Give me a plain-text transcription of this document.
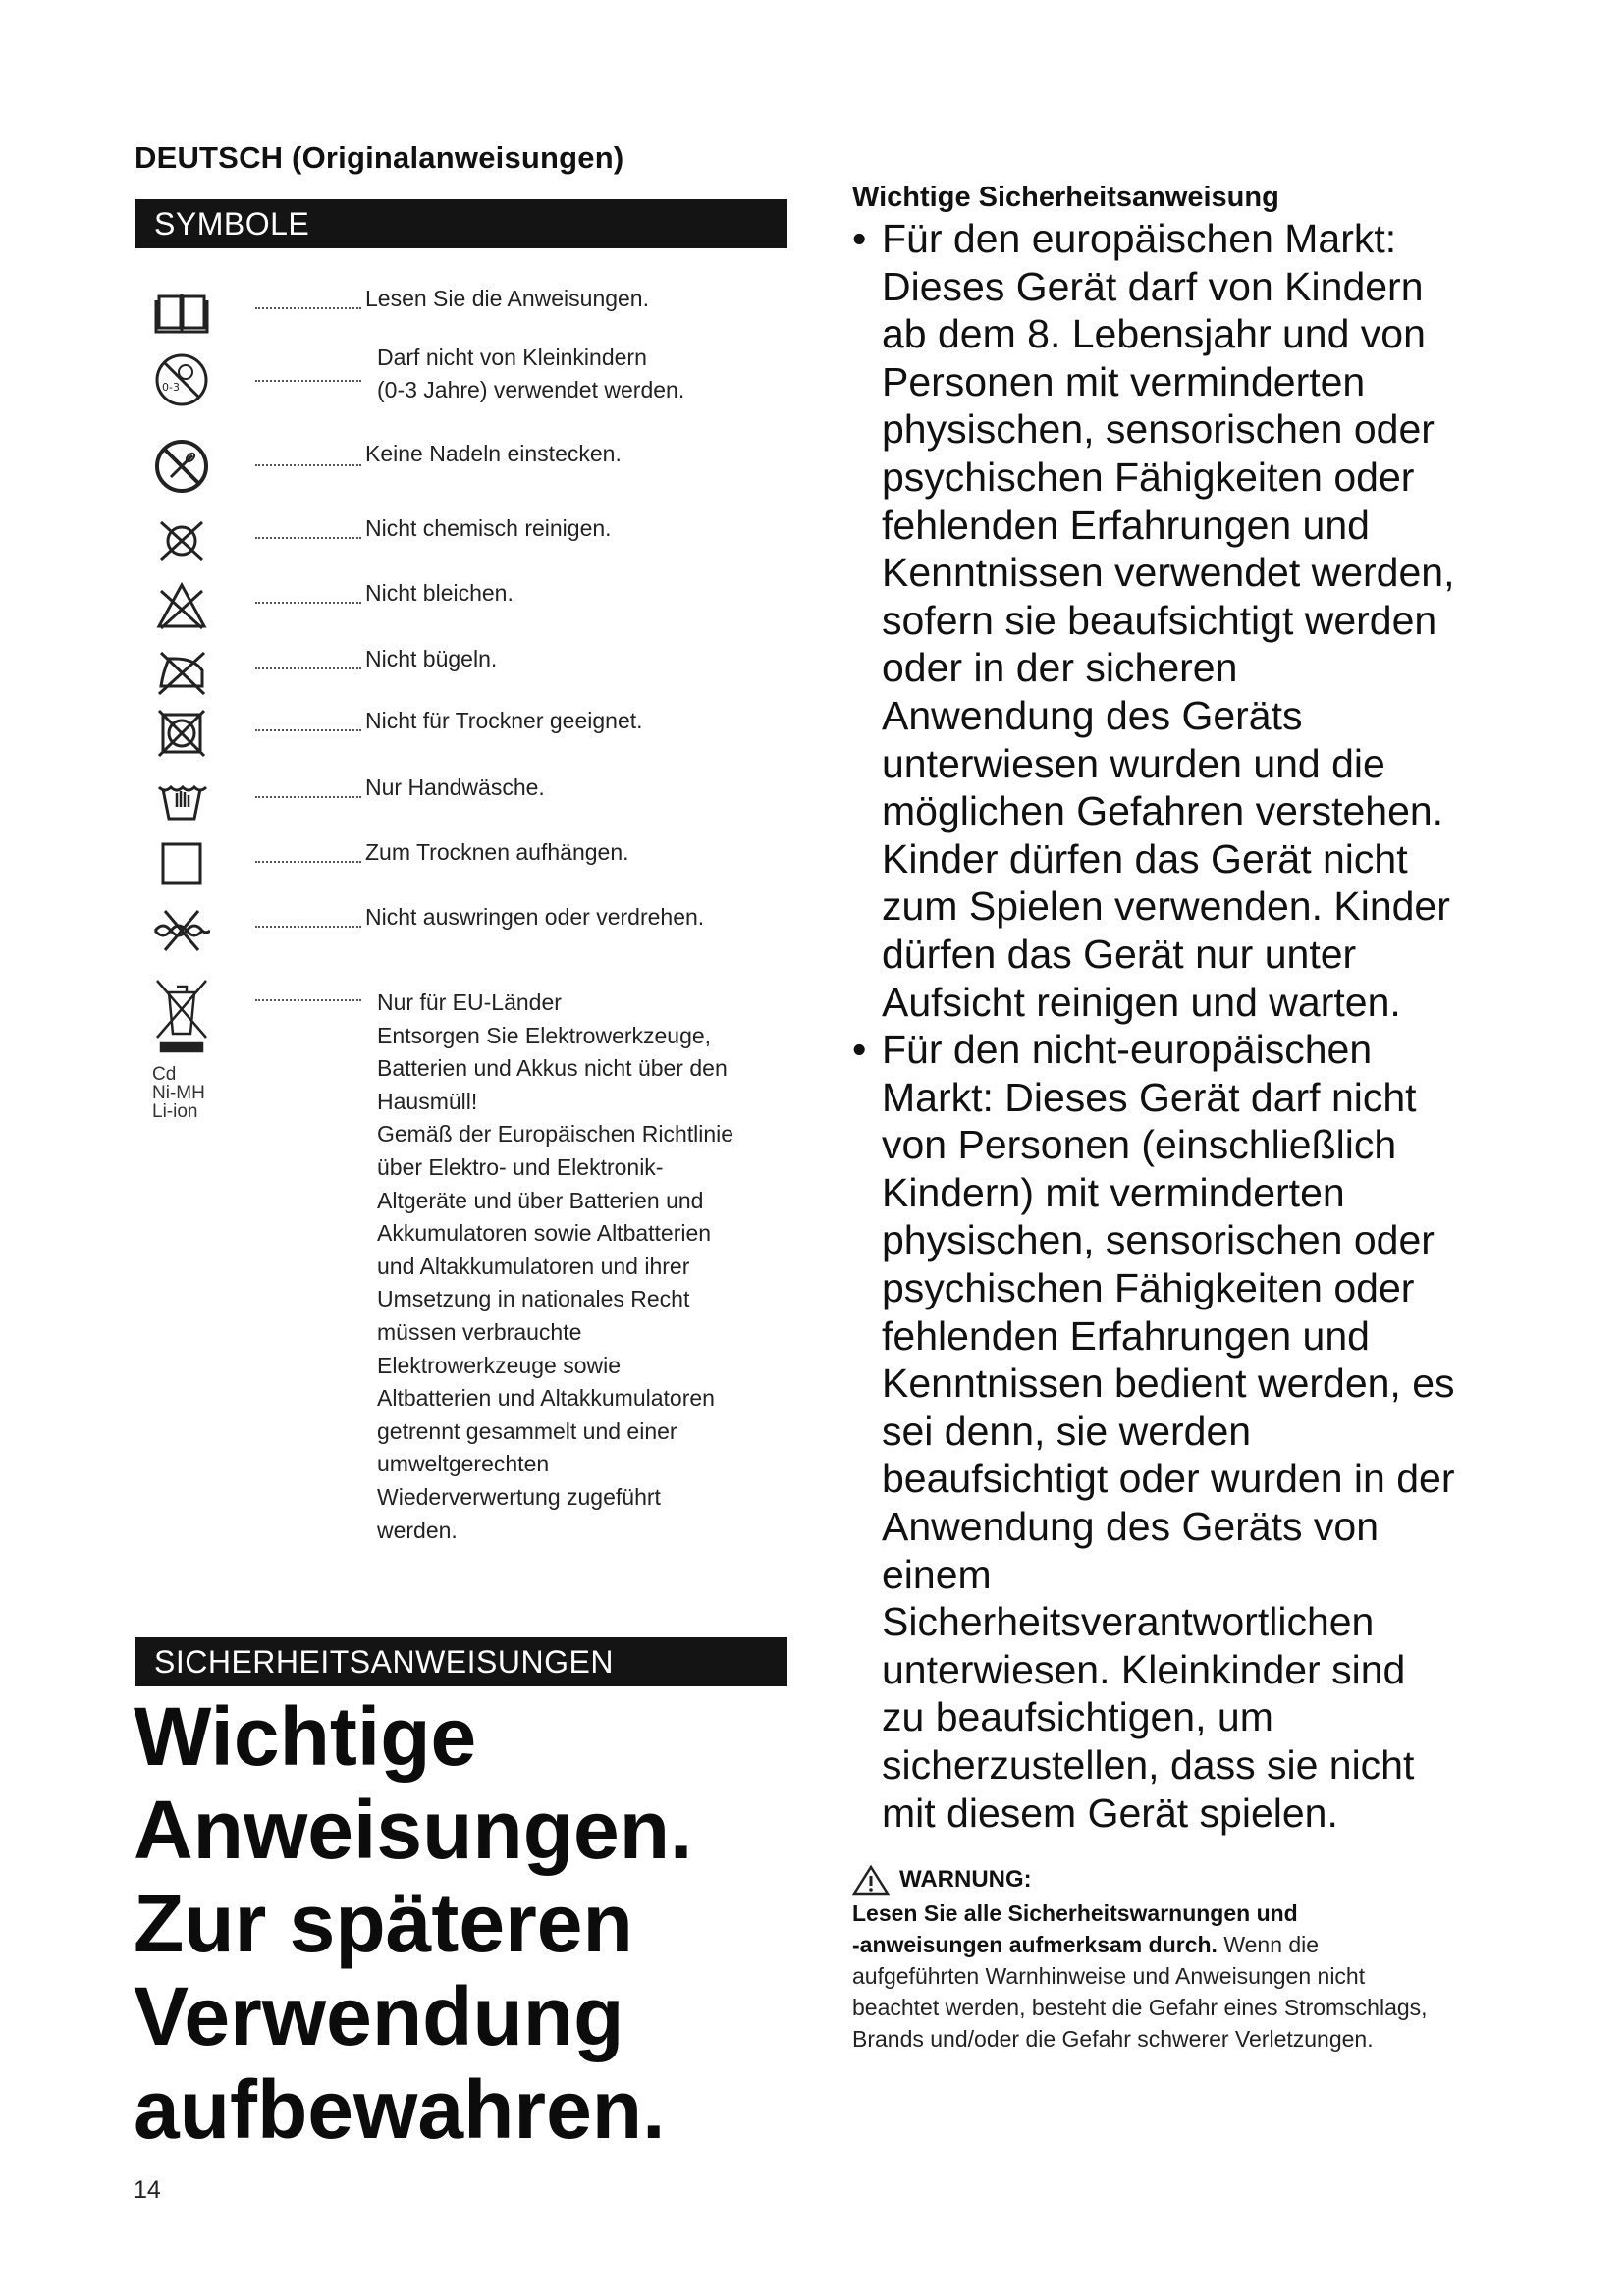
DEUTSCH (Originalanweisungen)
SYMBOLE
Lesen Sie die Anweisungen.
0-3
Darf nicht von Kleinkindern
(0-3 Jahre) verwendet werden.
Keine Nadeln einstecken.
Nicht chemisch reinigen.
Nicht bleichen.
Nicht bügeln.
Nicht für Trockner geeignet.
Nur Handwäsche.
Zum Trocknen aufhängen.
Nicht auswringen oder verdrehen.
Cd
Ni-MH
Li-ion
Nur für EU-Länder
Entsorgen Sie Elektrowerkzeuge,
Batterien und Akkus nicht über den
Hausmüll!
Gemäß der Europäischen Richtlinie
über Elektro- und Elektronik-
Altgeräte und über Batterien und
Akkumulatoren sowie Altbatterien
und Altakkumulatoren und ihrer
Umsetzung in nationales Recht
müssen verbrauchte
Elektrowerkzeuge sowie
Altbatterien und Altakkumulatoren
getrennt gesammelt und einer
umweltgerechten
Wiederverwertung zugeführt
werden.
SICHERHEITSANWEISUNGEN
Wichtige
Anweisungen.
Zur späteren
Verwendung
aufbewahren.
14
Wichtige Sicherheitsanweisung
• Für den europäischen Markt:
Dieses Gerät darf von Kindern
ab dem 8. Lebensjahr und von
Personen mit verminderten
physischen, sensorischen oder
psychischen Fähigkeiten oder
fehlenden Erfahrungen und
Kenntnissen verwendet werden,
sofern sie beaufsichtigt werden
oder in der sicheren
Anwendung des Geräts
unterwiesen wurden und die
möglichen Gefahren verstehen.
Kinder dürfen das Gerät nicht
zum Spielen verwenden. Kinder
dürfen das Gerät nur unter
Aufsicht reinigen und warten.
• Für den nicht-europäischen
Markt: Dieses Gerät darf nicht
von Personen (einschließlich
Kindern) mit verminderten
physischen, sensorischen oder
psychischen Fähigkeiten oder
fehlenden Erfahrungen und
Kenntnissen bedient werden, es
sei denn, sie werden
beaufsichtigt oder wurden in der
Anwendung des Geräts von
einem
Sicherheitsverantwortlichen
unterwiesen. Kleinkinder sind
zu beaufsichtigen, um
sicherzustellen, dass sie nicht
mit diesem Gerät spielen.
WARNUNG:
Lesen Sie alle Sicherheitswarnungen und
-anweisungen aufmerksam durch. Wenn die
aufgeführten Warnhinweise und Anweisungen nicht
beachtet werden, besteht die Gefahr eines Stromschlags,
Brands und/oder die Gefahr schwerer Verletzungen.
